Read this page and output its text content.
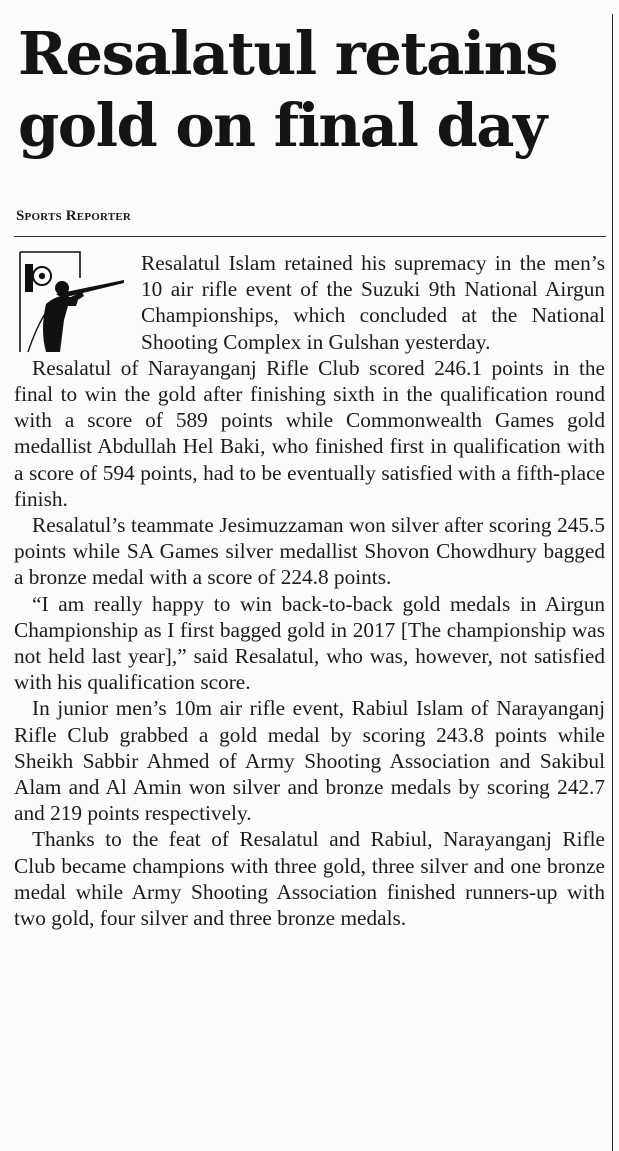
Resalatul retains gold on final day
Sports Reporter

Resalatul Islam retained his supremacy in the men’s 10 air rifle event of the Suzuki 9th National Airgun Championships, which concluded at the National Shooting Complex in Gulshan yesterday.

Resalatul of Narayanganj Rifle Club scored 246.1 points in the final to win the gold after finishing sixth in the qualification round with a score of 589 points while Commonwealth Games gold medallist Abdullah Hel Baki, who finished first in qualification with a score of 594 points, had to be eventually satisfied with a fifth-place finish.

Resalatul’s teammate Jesimuzzaman won silver after scoring 245.5 points while SA Games silver medallist Shovon Chowdhury bagged a bronze medal with a score of 224.8 points.

“I am really happy to win back-to-back gold medals in Airgun Championship as I first bagged gold in 2017 [The championship was not held last year],” said Resalatul, who was, however, not satisfied with his qualification score.

In junior men’s 10m air rifle event, Rabiul Islam of Narayanganj Rifle Club grabbed a gold medal by scoring 243.8 points while Sheikh Sabbir Ahmed of Army Shooting Association and Sakibul Alam and Al Amin won silver and bronze medals by scoring 242.7 and 219 points respectively.

Thanks to the feat of Resalatul and Rabiul, Narayanganj Rifle Club became champions with three gold, three silver and one bronze medal while Army Shooting Association finished runners-up with two gold, four silver and three bronze medals.
